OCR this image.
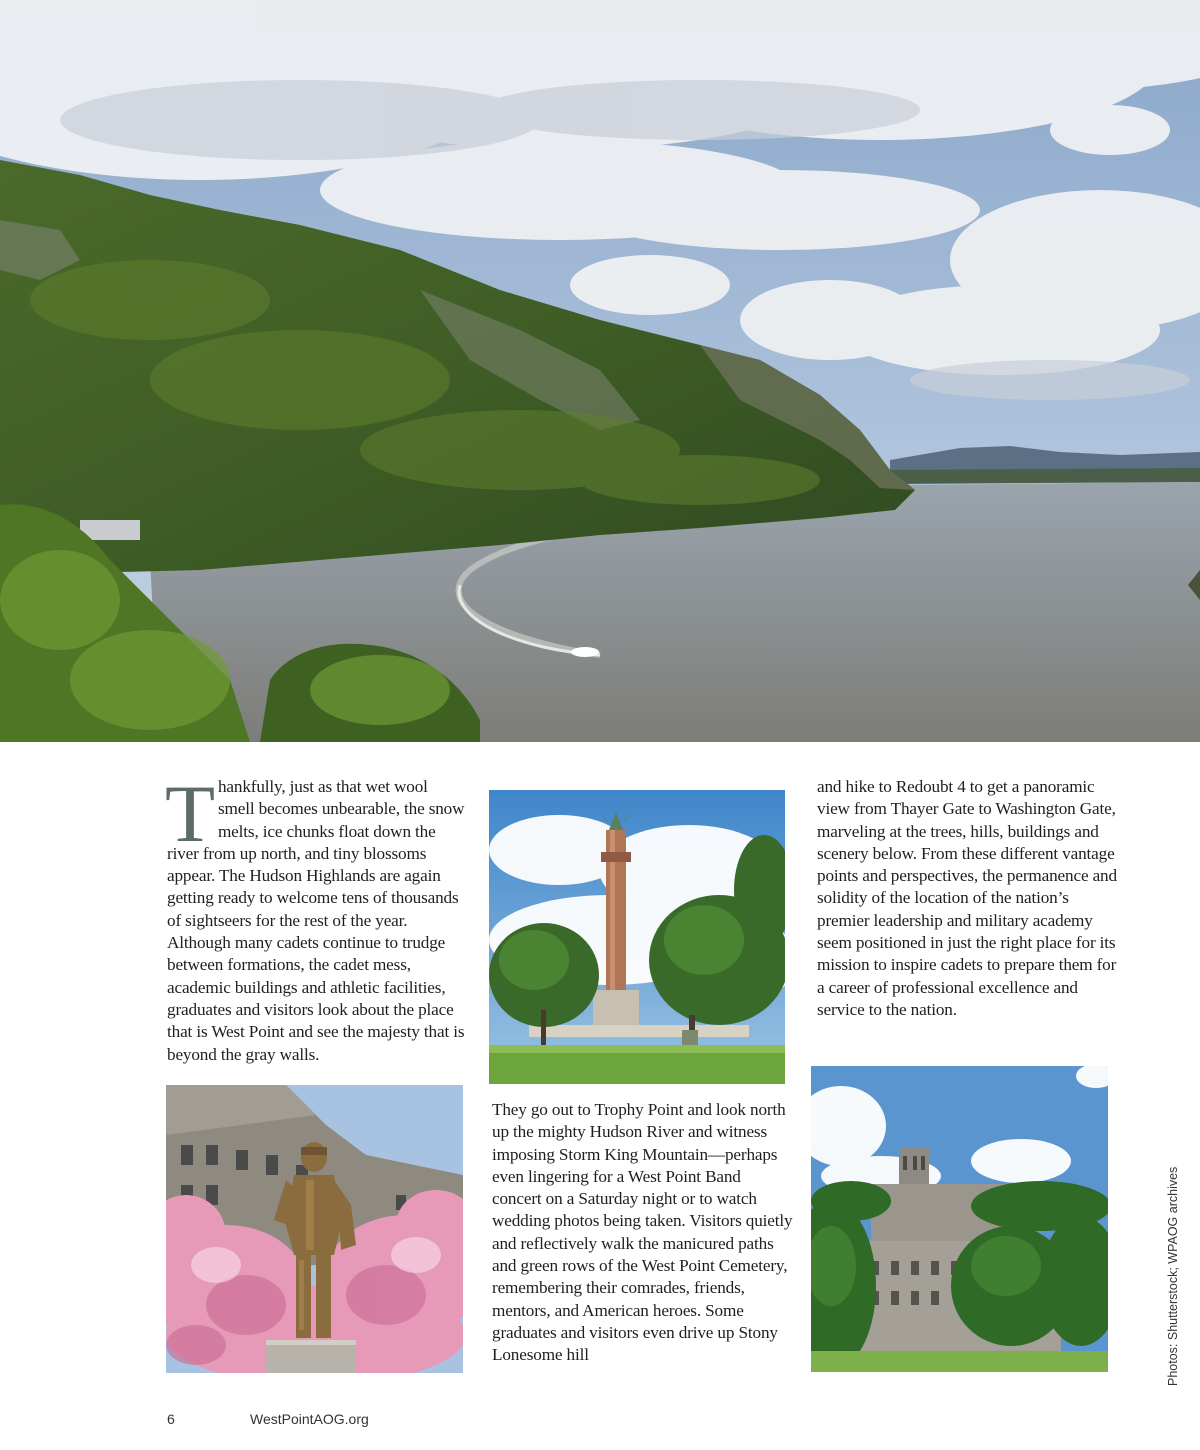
Thankfully, just as that wet wool smell becomes unbearable, the snow melts, ice chunks float down the river from up north, and tiny blossoms appear. The Hudson Highlands are again getting ready to welcome tens of thousands of sightseers for the rest of the year. Although many cadets continue to trudge between formations, the cadet mess, academic buildings and athletic facilities, graduates and visitors look about the place that is West Point and see the majesty that is beyond the gray walls.

They go out to Trophy Point and look north up the mighty Hudson River and witness imposing Storm King Mountain—perhaps even lingering for a West Point Band concert on a Saturday night or to watch wedding photos being taken. Visitors quietly and reflectively walk the manicured paths and green rows of the West Point Cemetery, remembering their comrades, friends, mentors, and American heroes. Some graduates and visitors even drive up Stony Lonesome hill

and hike to Redoubt 4 to get a panoramic view from Thayer Gate to Washington Gate, marveling at the trees, hills, buildings and scenery below. From these different vantage points and perspectives, the permanence and solidity of the location of the nation’s premier leadership and military academy seem positioned in just the right place for its mission to inspire cadets to prepare them for a career of professional excellence and service to the nation.

Photos: Shutterstock; WPAOG archives
6	WestPointAOG.org
